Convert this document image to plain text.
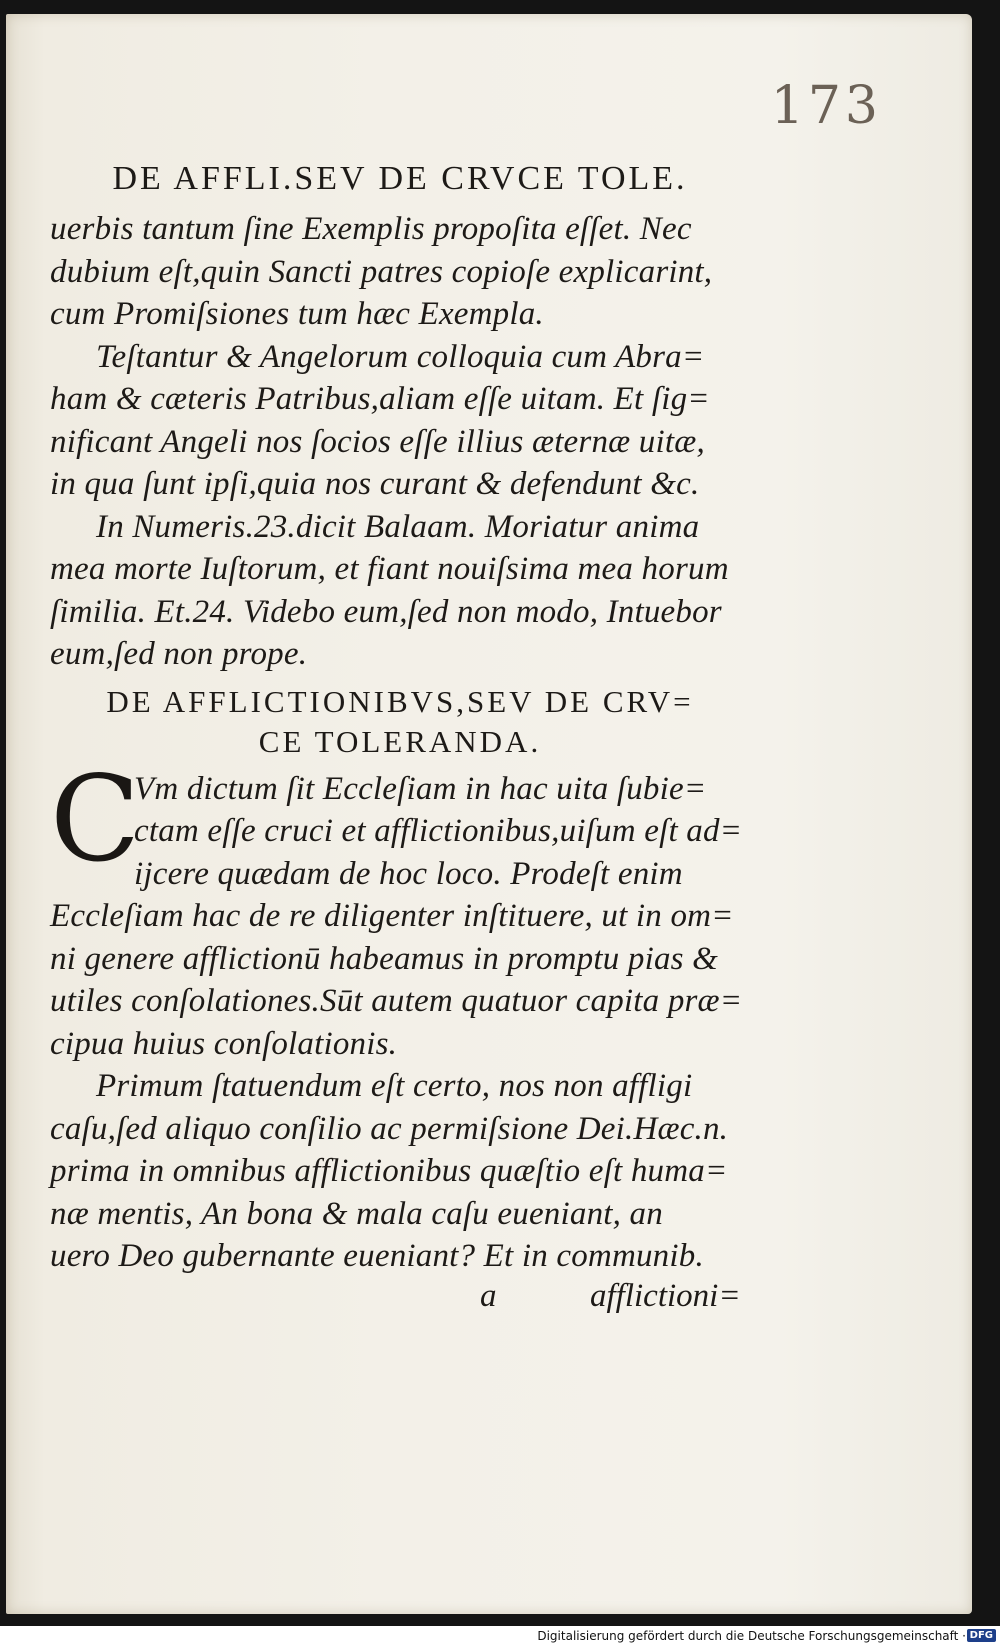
173
DE AFFLI.SEV DE CRVCE TOLE.
uerbis tantum ſine Exemplis propoſita eſſet. Nec
dubium eſt,quin Sancti patres copioſe explicarint,
cum Promiſsiones tum hæc Exempla.
Teſtantur & Angelorum colloquia cum Abra=
ham & cæteris Patribus,aliam eſſe uitam. Et ſig=
nificant Angeli nos ſocios eſſe illius æternæ uitæ,
in qua ſunt ipſi,quia nos curant & defendunt &c.
In Numeris.23.dicit Balaam. Moriatur anima
mea morte Iuſtorum, et fiant nouiſsima mea horum
ſimilia. Et.24. Videbo eum,ſed non modo, Intuebor
eum,ſed non prope.
DE AFFLICTIONIBVS,SEV DE CRV=
CE TOLERANDA.
C
Vm dictum ſit Eccleſiam in hac uita ſubie=
ctam eſſe cruci et afflictionibus,uiſum eſt ad=
ijcere quædam de hoc loco. Prodeſt enim
Eccleſiam hac de re diligenter inſtituere, ut in om=
ni genere afflictionū habeamus in promptu pias &
utiles conſolationes.Sūt autem quatuor capita præ=
cipua huius conſolationis.
Primum ſtatuendum eſt certo, nos non affligi
caſu,ſed aliquo conſilio ac permiſsione Dei.Hæc.n.
prima in omnibus afflictionibus quæſtio eſt huma=
næ mentis, An bona & mala caſu eueniant, an
uero Deo gubernante eueniant? Et in communib.
a	afflictioni=
Digitalisierung gefördert durch die Deutsche Forschungsgemeinschaft · DFG
